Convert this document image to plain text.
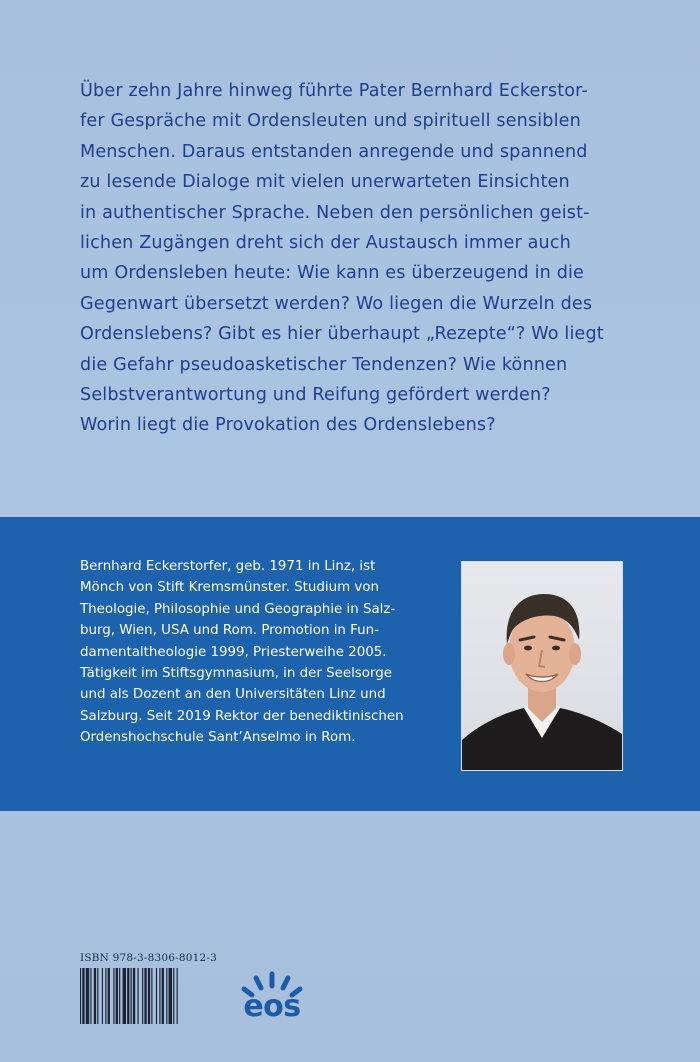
Über zehn Jahre hinweg führte Pater Bernhard Eckerstor-
fer Gespräche mit Ordensleuten und spirituell sensiblen
Menschen. Daraus entstanden anregende und spannend
zu lesende Dialoge mit vielen unerwarteten Einsichten
in authentischer Sprache. Neben den persönlichen geist-
lichen Zugängen dreht sich der Austausch immer auch
um Ordensleben heute: Wie kann es überzeugend in die
Gegenwart übersetzt werden? Wo liegen die Wurzeln des
Ordenslebens? Gibt es hier überhaupt „Rezepte“? Wo liegt
die Gefahr pseudoasketischer Tendenzen? Wie können
Selbstverantwortung und Reifung gefördert werden?
Worin liegt die Provokation des Ordenslebens?
Bernhard Eckerstorfer, geb. 1971 in Linz, ist
Mönch von Stift Kremsmünster. Studium von
Theologie, Philosophie und Geographie in Salz-
burg, Wien, USA und Rom. Promotion in Fun-
damentaltheologie 1999, Priesterweihe 2005.
Tätigkeit im Stiftsgymnasium, in der Seelsorge
und als Dozent an den Universitäten Linz und
Salzburg. Seit 2019 Rektor der benediktinischen
Ordenshochschule Sant’Anselmo in Rom.
ISBN 978-3-8306-8012-3
eos
